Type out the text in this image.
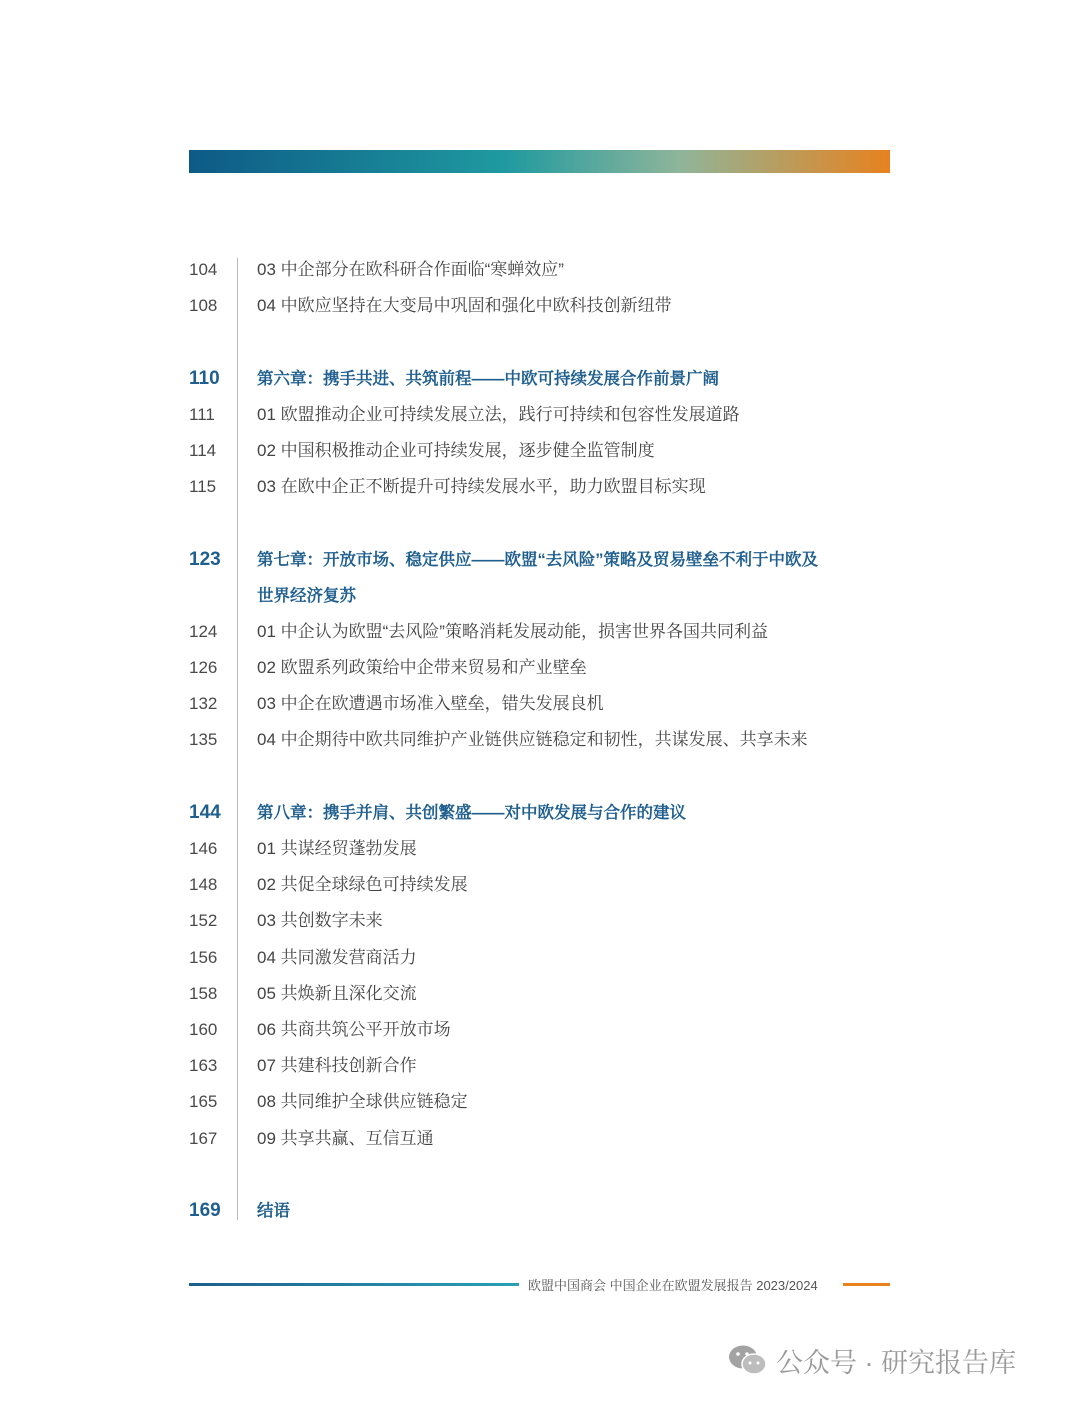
104	03 中企部分在欧科研合作面临“寒蝉效应”
108	04 中欧应坚持在大变局中巩固和强化中欧科技创新纽带
110	第六章：携手共进、共筑前程——中欧可持续发展合作前景广阔
111	01 欧盟推动企业可持续发展立法，践行可持续和包容性发展道路
114	02 中国积极推动企业可持续发展，逐步健全监管制度
115	03 在欧中企正不断提升可持续发展水平，助力欧盟目标实现
123	第七章：开放市场、稳定供应——欧盟“去风险”策略及贸易壁垒不利于中欧及
世界经济复苏
124	01 中企认为欧盟“去风险”策略消耗发展动能，损害世界各国共同利益
126	02 欧盟系列政策给中企带来贸易和产业壁垒
132	03 中企在欧遭遇市场准入壁垒，错失发展良机
135	04 中企期待中欧共同维护产业链供应链稳定和韧性，共谋发展、共享未来
144	第八章：携手并肩、共创繁盛——对中欧发展与合作的建议
146	01 共谋经贸蓬勃发展
148	02 共促全球绿色可持续发展
152	03 共创数字未来
156	04 共同激发营商活力
158	05 共焕新且深化交流
160	06 共商共筑公平开放市场
163	07 共建科技创新合作
165	08 共同维护全球供应链稳定
167	09 共享共赢、互信互通
169	结语
欧盟中国商会 中国企业在欧盟发展报告 2023/2024
公众号 · 研究报告库
